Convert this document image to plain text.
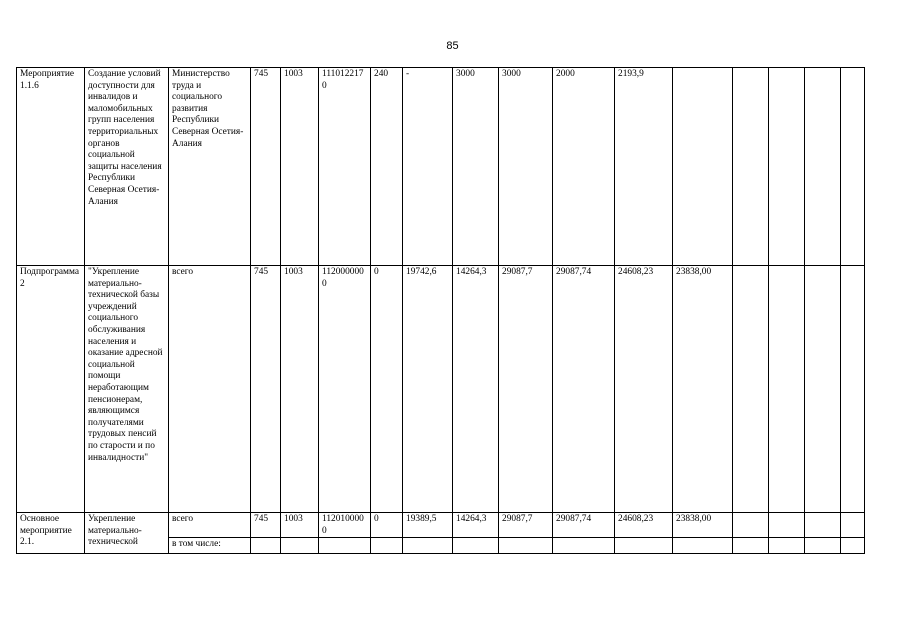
85
Мероприятие 1.1.6	Создание условий доступности для инвалидов и маломобильных групп населения территориальных органов социальной защиты населения Республики Северная Осетия-Алания	Министерство труда и социального развития Республики Северная Осетия-Алания	745	1003	1110122170	240	-	3000	3000	2000	2193,9					
Подпрограмма 2	"Укрепление материально-технической базы учреждений социального обслуживания населения и оказание адресной социальной помощи неработающим пенсионерам, являющимся получателями трудовых пенсий по старости и по инвалидности"	всего	745	1003	1120000000	0	19742,6	14264,3	29087,7	29087,74	24608,23	23838,00				
Основное мероприятие 2.1.	Укрепление материально-технической	всего	745	1003	1120100000	0	19389,5	14264,3	29087,7	29087,74	24608,23	23838,00				
		в том числе:														
